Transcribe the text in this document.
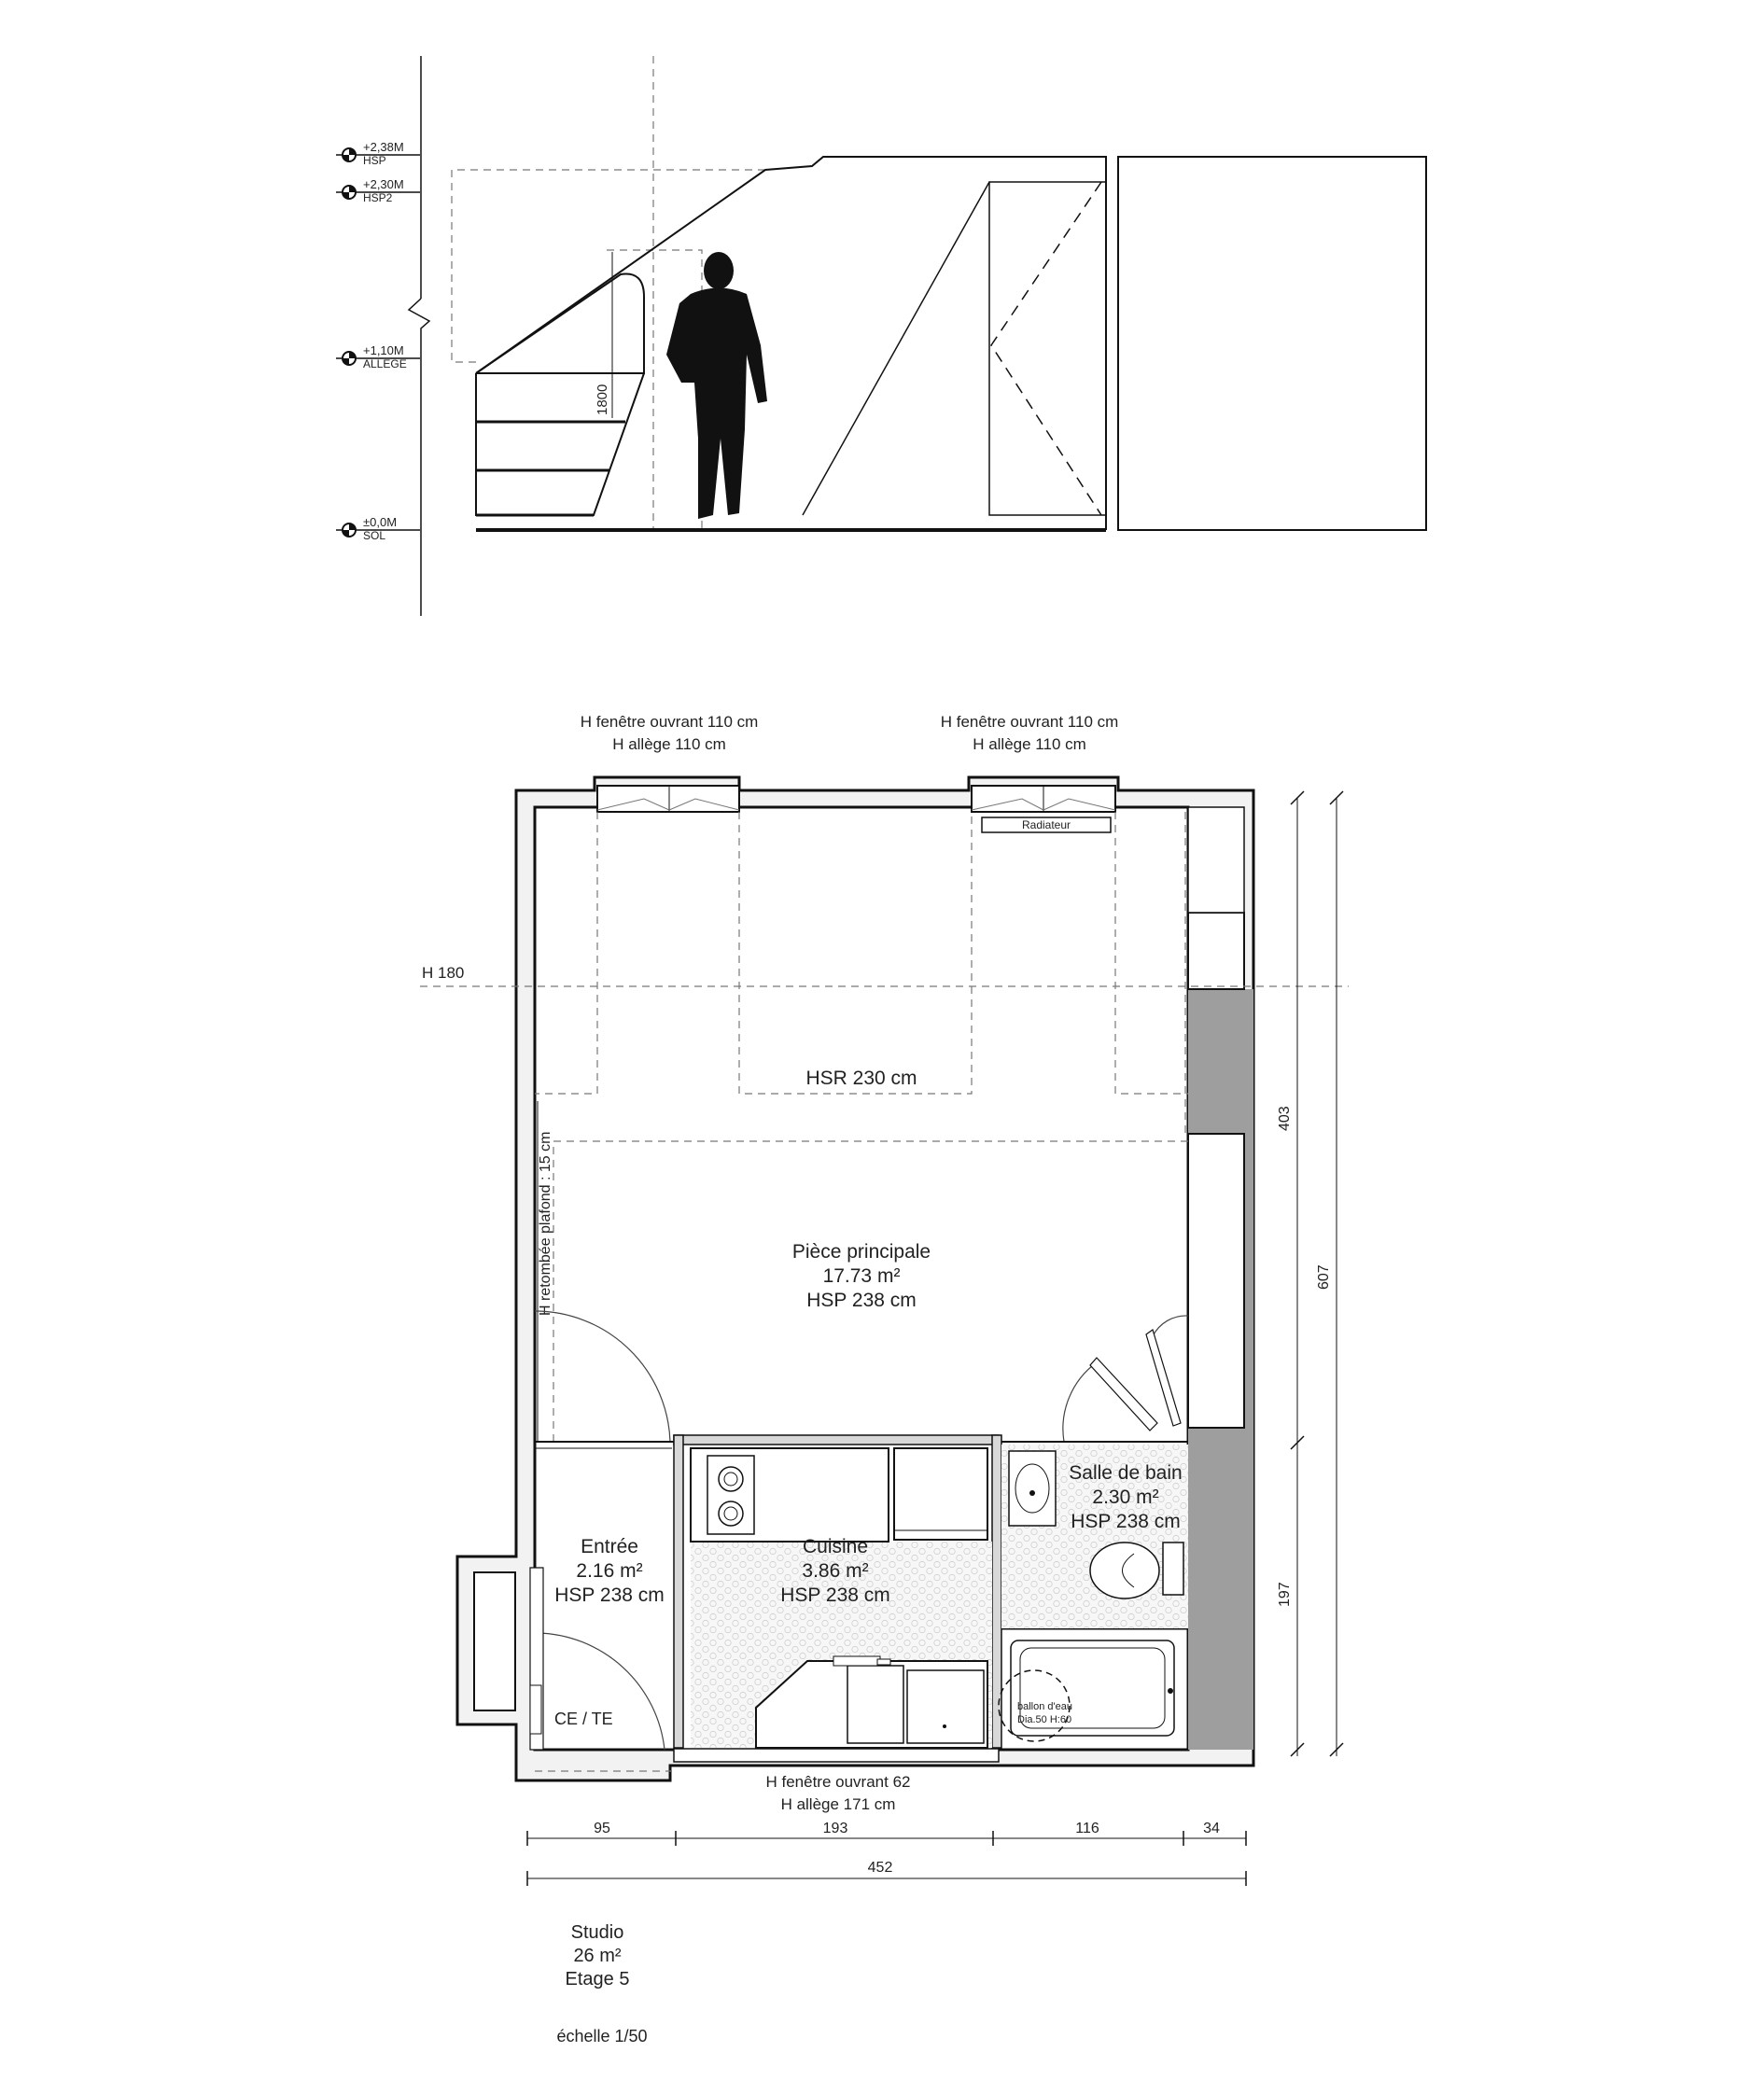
+2,38M
HSP
+2,30M
HSP2
+1,10M
ALLEGE
±0,0M
SOL
1800
Radiateur
H fenêtre ouvrant 110 cm
H allège 110 cm
H fenêtre ouvrant 110 cm
H allège 110 cm
H 180
HSR 230 cm
H retombée plafond : 15 cm	Pièce principale
17.73 m²
HSP 238 cm
Cuisine
3.86 m²
HSP 238 cm
ballon d'eau
Dia.50 H:60
Salle de bain
2.30 m²
HSP 238 cm
Entrée
2.16 m²
HSP 238 cm
CE / TE
H fenêtre ouvrant 62
H allège 171 cm
403
197
607
95	193	116	34
452
Studio
26 m²
Etage 5
échelle 1/50
